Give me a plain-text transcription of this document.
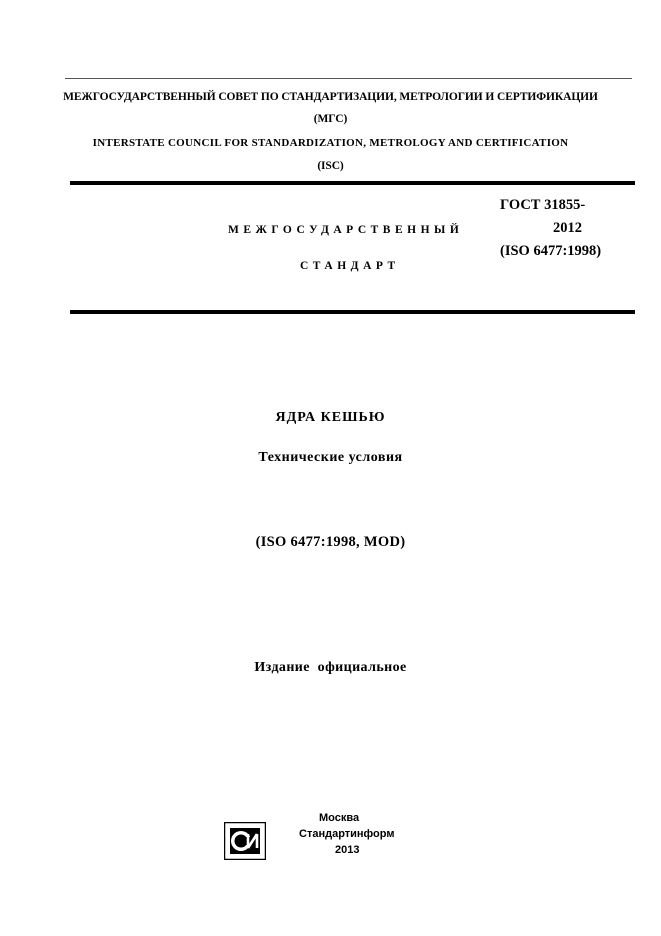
МЕЖГОСУДАРСТВЕННЫЙ СОВЕТ ПО СТАНДАРТИЗАЦИИ, МЕТРОЛОГИИ И СЕРТИФИКАЦИИ
(МГС)
INTERSTATE COUNCIL FOR STANDARDIZATION, METROLOGY AND CERTIFICATION
(ISC)
МЕЖГОСУДАРСТВЕННЫЙ
СТАНДАРТ
ГОСТ 31855-
2012
(ISO 6477:1998)
ЯДРА КЕШЬЮ
Технические условия
(ISO 6477:1998, MOD)
Издание  официальное
Москва
Стандартинформ
2013
